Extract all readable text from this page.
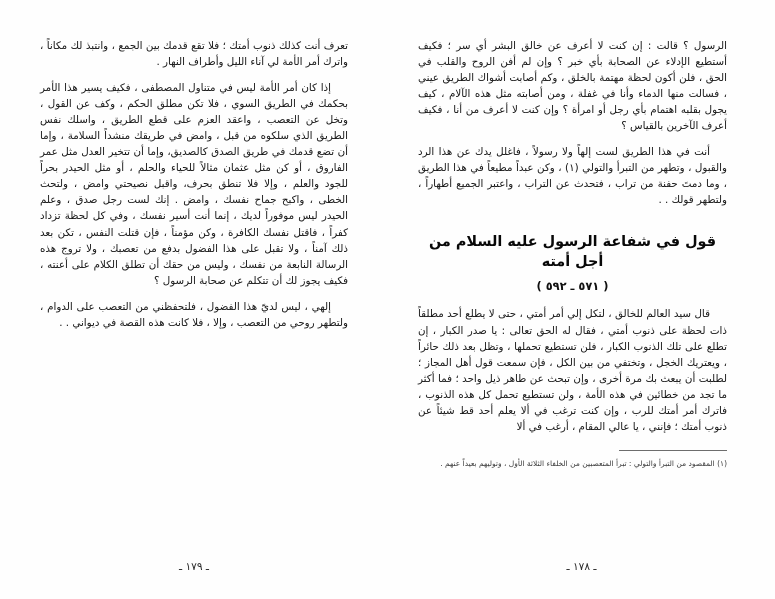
الرسول ؟ قالت : إن كنت لا أعرف عن خالق البشر أي سر ؛ فكيف أستطيع الإدلاء عن الصحابة بأي خبر ؟ وإن لم أفن الروح والقلب في الحق ، فلن أكون لحظة مهتمة بالخلق ، وكم أصابت أشواك الطريق عيني ، فسالت منها الدماء وأنا في غفلة ، ومن أصابته مثل هذه الآلام ، كيف يجول بقلبه اهتمام بأي رجل أو امرأة ؟ وإن كنت لا أعرف من أنا ، فكيف أعرف الآخرين بالقياس ؟

أنت في هذا الطريق لست إلهاً ولا رسولاً ، فاغلل يدك عن هذا الرد والقبول ، وتطهر من التبرأ والتولي (١) ، وكن عبداً مطيعاً في هذا الطريق ، وما دمتَ حفنة من تراب ، فتحدث عن التراب ، واعتبر الجميع أطهاراً ، ولتطهر قولك . .

قول في شفاعة الرسول عليه السلام من أجل أمته
( ٥٧١ ـ ٥٩٢ )

قال سيد العالم للخالق ، لتكل إلي أمر أمتي ، حتى لا يطلع أحد مطلقاً ذات لحظة على ذنوب أمتي ، فقال له الحق تعالى : يا صدر الكبار ، إن تطلع على تلك الذنوب الكبار ، فلن تستطيع تحملها ، وتظل بعد ذلك حائراً ، ويعتريك الخجل ، وتختفي من بين الكل ، فإن سمعت قول أهل المجاز ؛ لطلبت أن يبعث بك مرة أخرى ، وإن تبحث عن طاهر ذيل واحد ؛ فما أكثر ما تجد من خطائين في هذه الأمة ، ولن تستطيع تحمل كل هذه الذنوب ، فاترك أمر أمتك للرب ، وإن كنت ترغب في ألا يعلم أحد قط شيئاً عن ذنوب أمتك ؛ فإنني ، يا عالي المقام ، أرغب في ألا

(١) المقصود من التبرأ والتولي : تبرأ المتعصبين من الخلفاء الثلاثة الأول ، وتوليهم بعيداً عنهم .

ـ ١٧٨ ـ

تعرف أنت كذلك ذنوب أمتك ؛ فلا تقع قدمك بين الجمع ، وانتبذ لك مكاناً ، واترك أمر الأمة لي آناء الليل وأطراف النهار .

إذا كان أمر الأمة ليس في متناول المصطفى ، فكيف يسير هذا الأمر بحكمك في الطريق السوي ، فلا تكن مطلق الحكم ، وكف عن القول ، وتخل عن التعصب ، واعقد العزم على قطع الطريق ، واسلك نفس الطريق الذي سلكوه من قبل ، وامض في طريقك منشداً السلامة ، وإما أن تضع قدمك في طريق الصدق كالصديق، وإما أن تتخير العدل مثل عمر الفاروق ، أو كن مثل عثمان مثالاً للحياء والحلم ، أو مثل الحيدر بحراً للجود والعلم ، وإلا فلا تنطق بحرف، واقبل نصيحتي وامض ، ولتحث الخطى ، واكبح جماح نفسك ، وامض . إنك لست رجل صدق ، وعلم الحيدر ليس موفوراً لديك ، إنما أنت أسير نفسك ، وفي كل لحظة تزداد كفراً ، فاقتل نفسك الكافرة ، وكن مؤمناً ، فإن قتلت النفس ، تكن بعد ذلك آمناً ، ولا تقبل على هذا الفضول بدفع من تعصبك ، ولا تروج هذه الرسالة النابعة من نفسك ، وليس من حقك أن تطلق الكلام على أعنته ، فكيف يجوز لك أن تتكلم عن صحابة الرسول ؟

إلهي ، ليس لديّ هذا الفضول ، فلتحفظني من التعصب على الدوام ، ولتطهر روحي من التعصب ، وإلا ، فلا كانت هذه القصة في ديواني . .

ـ ١٧٩ ـ
